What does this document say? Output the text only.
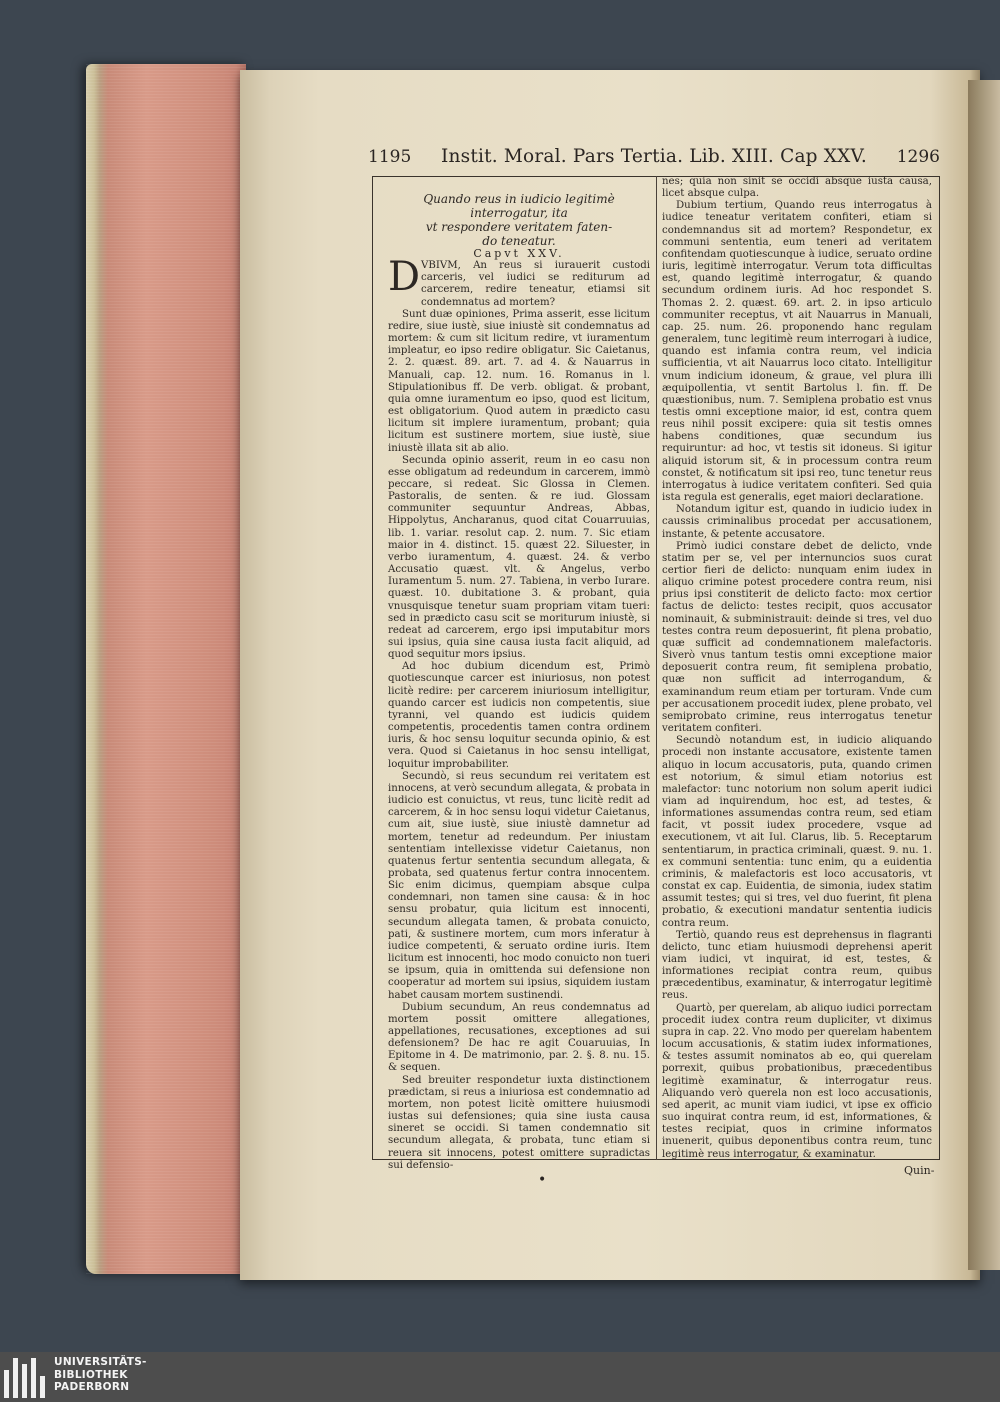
1195 Instit. Moral. Pars Tertia. Lib. XIII. Cap XXV. 1296

Quando reus in iudicio legitimè interrogatur, ita
vt respondere veritatem faten-
do teneatur.

Capvt XXV.

D VBIVM, An reus si iurauerit custodi carceris, vel iudici se rediturum ad carcerem, redire teneatur, etiamsi sit condemnatus ad mortem?

Sunt duæ opiniones, Prima asserit, esse licitum redire, siue iustè, siue iniustè sit condemnatus ad mortem: & cum sit licitum redire, vt iuramentum impleatur, eo ipso redire obligatur. Sic Caietanus, 2. 2. quæst. 89. art. 7. ad 4. & Nauarrus in Manuali, cap. 12. num. 16. Romanus in l. Stipulationibus ff. De verb. obligat. & probant, quia omne iuramentum eo ipso, quod est licitum, est obligatorium. Quod autem in prædicto casu licitum sit implere iuramentum, probant; quia licitum est sustinere mortem, siue iustè, siue iniustè illata sit ab alio.

Secunda opinio asserit, reum in eo casu non esse obligatum ad redeundum in carcerem, immò peccare, si redeat. Sic Glossa in Clemen. Pastoralis, de senten. & re iud. Glossam communiter sequuntur Andreas, Abbas, Hippolytus, Ancharanus, quod citat Couarruuias, lib. 1. variar. resolut cap. 2. num. 7. Sic etiam maior in 4. distinct. 15. quæst 22. Siluester, in verbo iuramentum, 4. quæst. 24. & verbo Accusatio quæst. vlt. & Angelus, verbo Iuramentum 5. num. 27. Tabiena, in verbo Iurare. quæst. 10. dubitatione 3. & probant, quia vnusquisque tenetur suam propriam vitam tueri: sed in prædicto casu scit se moriturum iniustè, si redeat ad carcerem, ergo ipsi imputabitur mors sui ipsius, quia sine causa iusta facit aliquid, ad quod sequitur mors ipsius.

Ad hoc dubium dicendum est, Primò quotiescunque carcer est iniuriosus, non potest licitè redire: per carcerem iniuriosum intelligitur, quando carcer est iudicis non competentis, siue tyranni, vel quando est iudicis quidem competentis, procedentis tamen contra ordinem iuris, & hoc sensu loquitur secunda opinio, & est vera. Quod si Caietanus in hoc sensu intelligat, loquitur improbabiliter.

Secundò, si reus secundum rei veritatem est innocens, at verò secundum allegata, & probata in iudicio est conuictus, vt reus, tunc licitè redit ad carcerem, & in hoc sensu loqui videtur Caietanus, cum ait, siue iustè, siue iniustè damnetur ad mortem, tenetur ad redeundum. Per iniustam sententiam intellexisse videtur Caietanus, non quatenus fertur sententia secundum allegata, & probata, sed quatenus fertur contra innocentem. Sic enim dicimus, quempiam absque culpa condemnari, non tamen sine causa: & in hoc sensu probatur, quia licitum est innocenti, secundum allegata tamen, & probata conuicto, pati, & sustinere mortem, cum mors inferatur à iudice competenti, & seruato ordine iuris. Item licitum est innocenti, hoc modo conuicto non tueri se ipsum, quia in omittenda sui defensione non cooperatur ad mortem sui ipsius, siquidem iustam habet causam mortem sustinendi.

Dubium secundum, An reus condemnatus ad mortem possit omittere allegationes, appellationes, recusationes, exceptiones ad sui defensionem? De hac re agit Couaruuias, In Epitome in 4. De matrimonio, par. 2. §. 8. nu. 15. & sequen.

Sed breuiter respondetur iuxta distinctionem prædictam, si reus a iniuriosa est condemnatio ad mortem, non potest licitè omittere huiusmodi iustas sui defensiones; quia sine iusta causa sineret se occidi. Si tamen condemnatio sit secundum allegata, & probata, tunc etiam si reuera sit innocens, potest omittere supradictas sui defensio-

nes; quia non sinit se occidi absque iusta causa, licet absque culpa.

Dubium tertium, Quando reus interrogatus à iudice teneatur veritatem confiteri, etiam si condemnandus sit ad mortem? Respondetur, ex communi sententia, eum teneri ad veritatem confitendam quotiescunque à iudice, seruato ordine iuris, legitimè interrogatur. Verum tota difficultas est, quando legitimè interrogatur, & quando secundum ordinem iuris. Ad hoc respondet S. Thomas 2. 2. quæst. 69. art. 2. in ipso articulo communiter receptus, vt ait Nauarrus in Manuali, cap. 25. num. 26. proponendo hanc regulam generalem, tunc legitimè reum interrogari à iudice, quando est infamia contra reum, vel indicia sufficientia, vt ait Nauarrus loco citato. Intelligitur vnum indicium idoneum, & graue, vel plura illi æquipollentia, vt sentit Bartolus l. fin. ff. De quæstionibus, num. 7. Semiplena probatio est vnus testis omni exceptione maior, id est, contra quem reus nihil possit excipere: quia sit testis omnes habens conditiones, quæ secundum ius requiruntur: ad hoc, vt testis sit idoneus. Si igitur aliquid istorum sit, & in processum contra reum constet, & notificatum sit ipsi reo, tunc tenetur reus interrogatus à iudice veritatem confiteri. Sed quia ista regula est generalis, eget maiori declaratione.

Notandum igitur est, quando in iudicio iudex in caussis criminalibus procedat per accusationem, instante, & petente accusatore.

Primò iudici constare debet de delicto, vnde statim per se, vel per internuncios suos curat certior fieri de delicto: nunquam enim iudex in aliquo crimine potest procedere contra reum, nisi prius ipsi constiterit de delicto facto: mox certior factus de delicto: testes recipit, quos accusator nominauit, & subministrauit: deinde si tres, vel duo testes contra reum deposuerint, fit plena probatio, quæ sufficit ad condemnationem malefactoris. Siverò vnus tantum testis omni exceptione maior deposuerit contra reum, fit semiplena probatio, quæ non sufficit ad interrogandum, & examinandum reum etiam per torturam. Vnde cum per accusationem procedit iudex, plene probato, vel semiprobato crimine, reus interrogatus tenetur veritatem confiteri.

Secundò notandum est, in iudicio aliquando procedi non instante accusatore, existente tamen aliquo in locum accusatoris, puta, quando crimen est notorium, & simul etiam notorius est malefactor: tunc notorium non solum aperit iudici viam ad inquirendum, hoc est, ad testes, & informationes assumendas contra reum, sed etiam facit, vt possit iudex procedere, vsque ad executionem, vt ait Iul. Clarus, lib. 5. Receptarum sententiarum, in practica criminali, quæst. 9. nu. 1. ex communi sententia: tunc enim, qu a euidentia criminis, & malefactoris est loco accusatoris, vt constat ex cap. Euidentia, de simonia, iudex statim assumit testes; qui si tres, vel duo fuerint, fit plena probatio, & executioni mandatur sententia iudicis contra reum.

Tertiò, quando reus est deprehensus in flagranti delicto, tunc etiam huiusmodi deprehensi aperit viam iudici, vt inquirat, id est, testes, & informationes recipiat contra reum, quibus præcedentibus, examinatur, & interrogatur legitimè reus.

Quartò, per querelam, ab aliquo iudici porrectam procedit iudex contra reum dupliciter, vt diximus supra in cap. 22. Vno modo per querelam habentem locum accusationis, & statim iudex informationes, & testes assumit nominatos ab eo, qui querelam porrexit, quibus probationibus, præcedentibus legitimè examinatur, & interrogatur reus. Aliquando verò querela non est loco accusationis, sed aperit, ac munit viam iudici, vt ipse ex officio suo inquirat contra reum, id est, informationes, & testes recipiat, quos in crimine informatos inuenerit, quibus deponentibus contra reum, tunc legitimè reus interrogatur, & examinatur.

Quin-
•
UNIVERSITÄTS-
BIBLIOTHEK
PADERBORN
